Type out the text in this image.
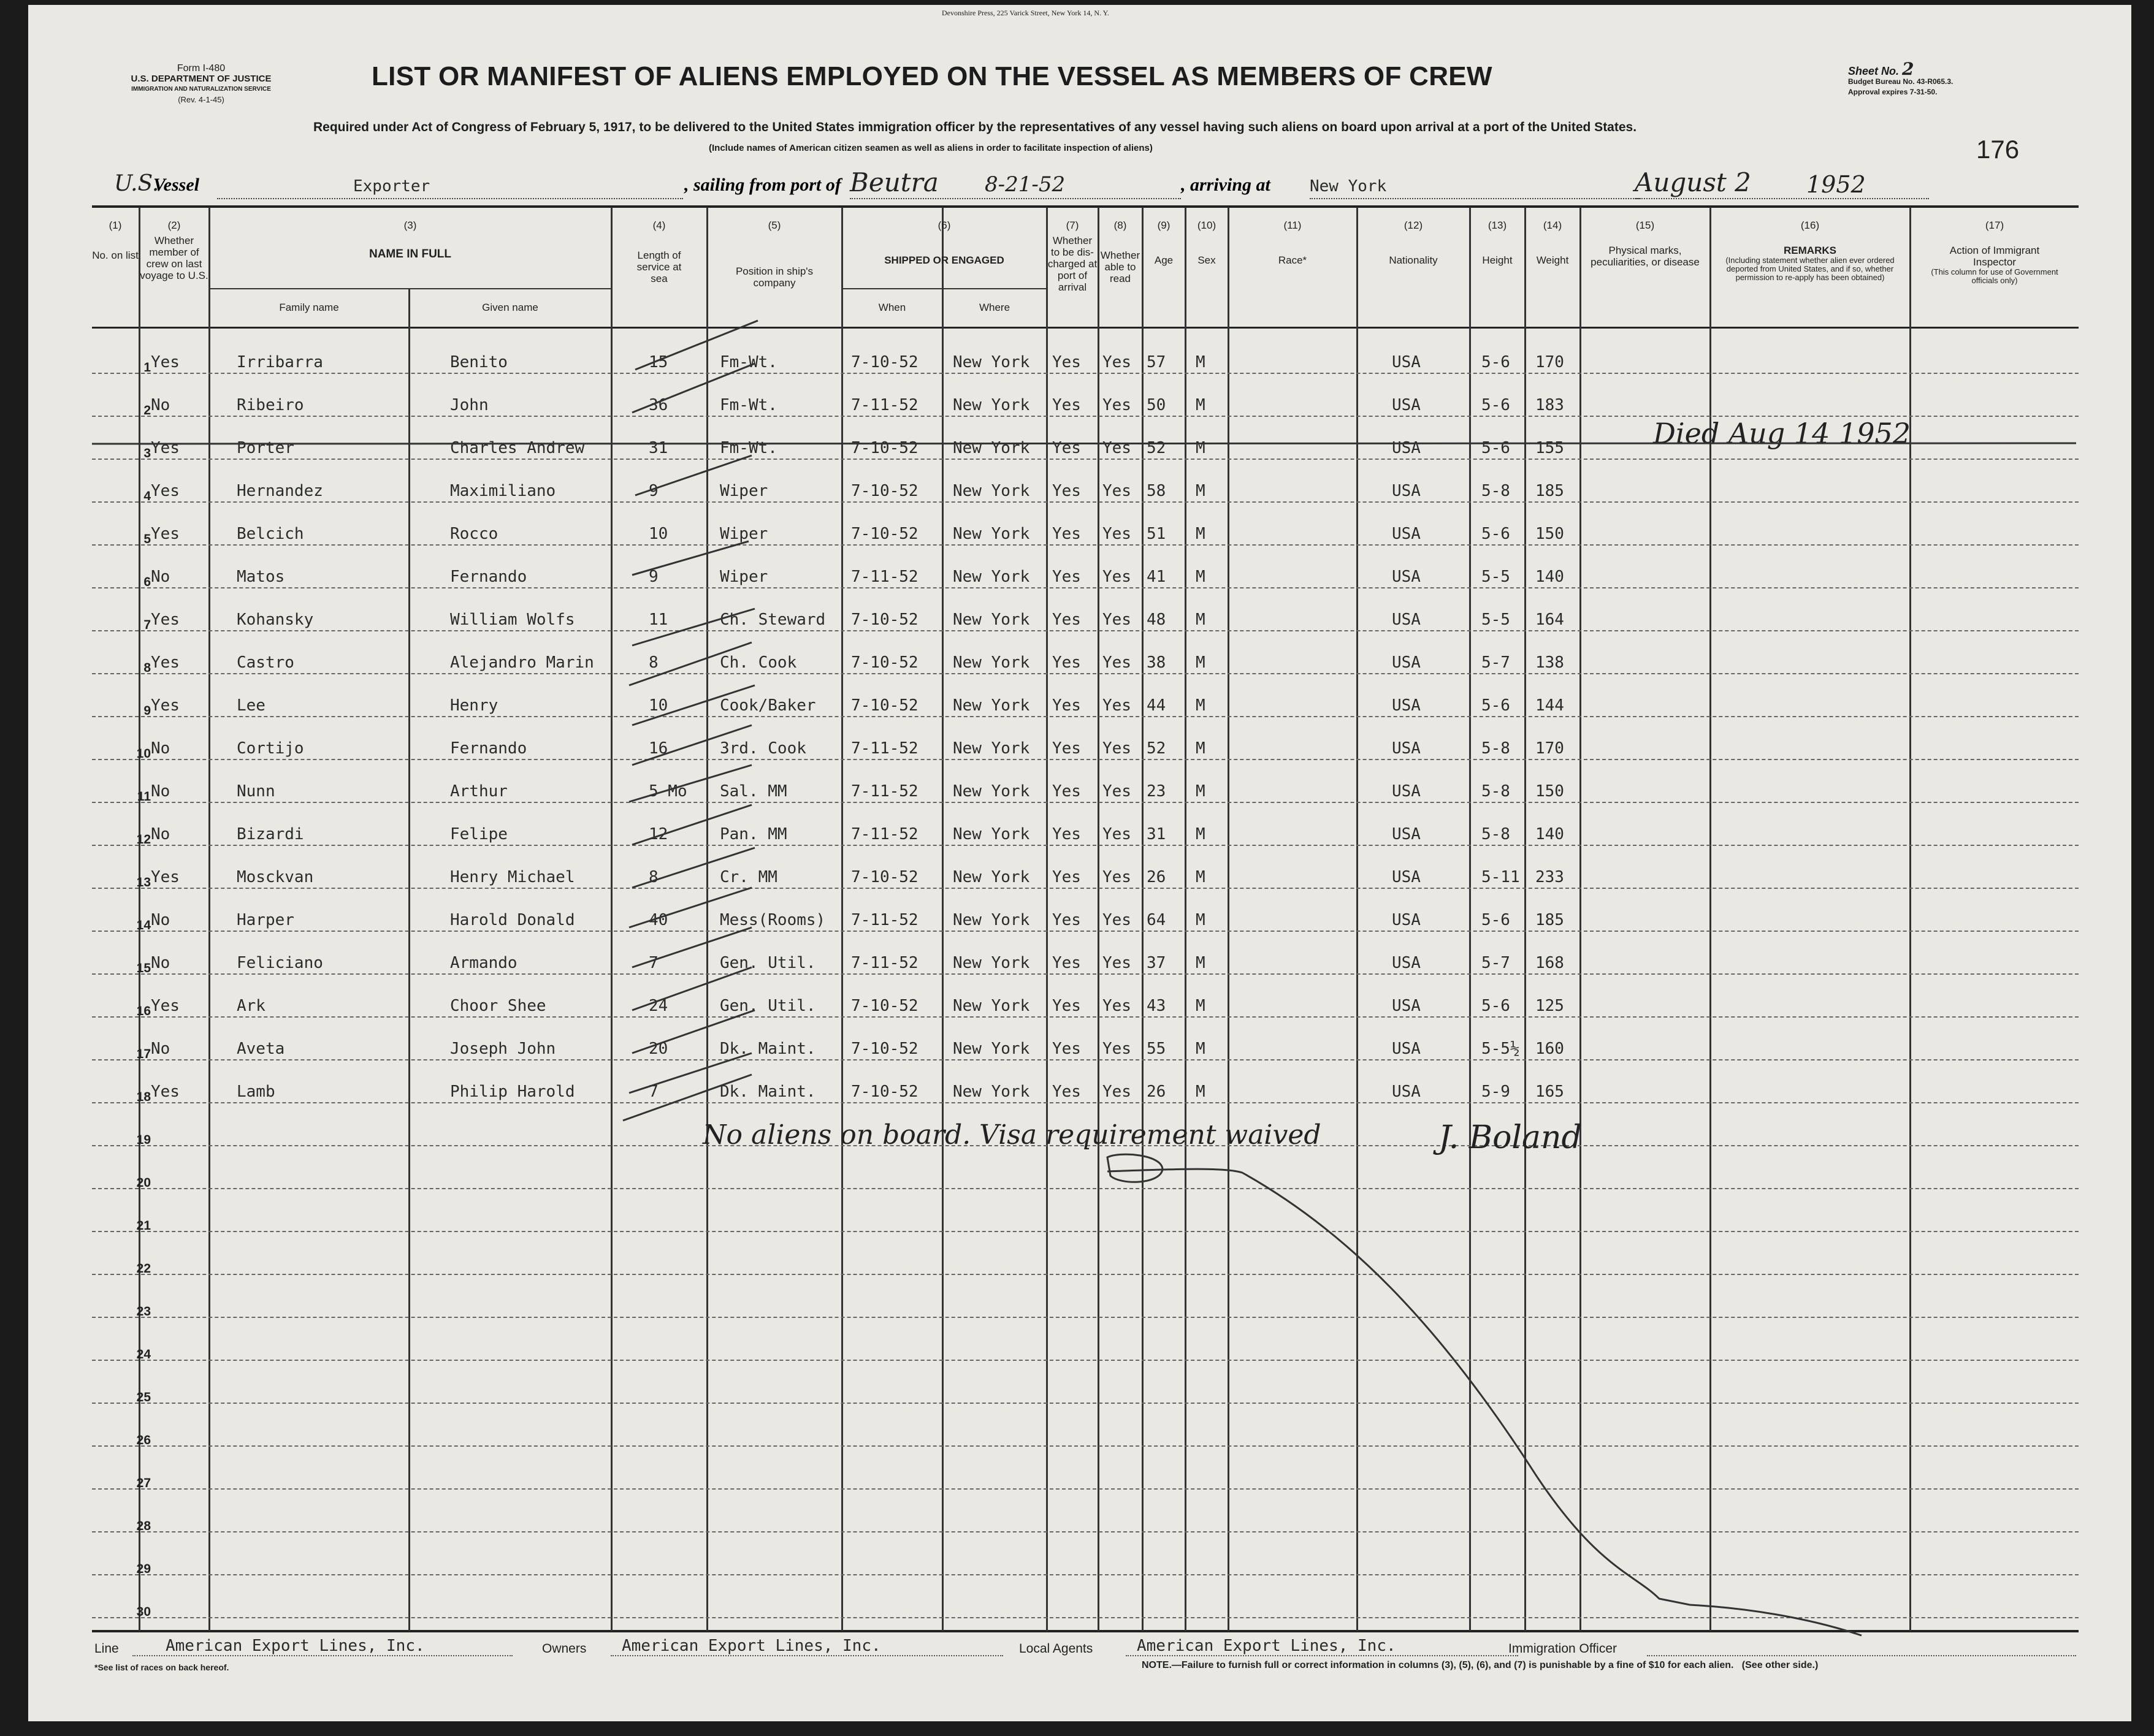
Form I-480
U.S. DEPARTMENT OF JUSTICE
IMMIGRATION AND NATURALIZATION SERVICE
(Rev. 4-1-45)
Devonshire Press, 225 Varick Street, New York 14, N. Y.
LIST OR MANIFEST OF ALIENS EMPLOYED ON THE VESSEL AS MEMBERS OF CREW	Sheet No. 2
Budget Bureau No. 43-R065.3.
Approval expires 7-31-50.
Required under Act of Congress of February 5, 1917, to be delivered to the United States immigration officer by the representatives of any vessel having such aliens on board upon arrival at a port of the United States.
(Include names of American citizen seamen as well as aliens in order to facilitate inspection of aliens)	176
U.S.
Vessel	Exporter	, sailing from port of Beutra 8-21-52	, arriving at New York	August 2 1952
(1)
No. on list
(2)
Whether member of crew on last voyage to U.S.
(3)
NAME IN FULL
Family name	Given name
(4)
Length of service at sea
(5)
Position in ship's company
(6)
SHIPPED OR ENGAGED
When	Where
(7)
Whether to be dis-charged at port of arrival
(8)
Whether able to read
(9)
Age
(10)
Sex
(11)
Race*
(12)
Nationality
(13)
Height
(14)
Weight
(15)
Physical marks, peculiarities, or disease
(16)
REMARKS
(Including statement whether alien ever ordered deported from United States, and if so, whether permission to re-apply has been obtained)
(17)
Action of Immigrant Inspector
(This column for use of Government officials only)
1 Yes	Irribarra	Benito	15	Fm-Wt.	7-10-52 New York Yes Yes 57 M	USA	5-6 170
2 No	Ribeiro	John	36	Fm-Wt.	7-11-52 New York Yes Yes 50 M	USA	5-6 183
3 Yes	Porter	Charles Andrew	31	Fm-Wt.	7-10-52 New York Yes Yes 52 M	USA	5-6 155	Died Aug 14 1952
4 Yes	Hernandez	Maximiliano	9	Wiper	7-10-52 New York Yes Yes 58 M	USA	5-8 185
5 Yes	Belcich	Rocco	10	Wiper	7-10-52 New York Yes Yes 51 M	USA	5-6 150
6 No	Matos	Fernando	9	Wiper	7-11-52 New York Yes Yes 41 M	USA	5-5 140
7 Yes	Kohansky	William Wolfs	11	Ch. Steward 7-10-52 New York Yes Yes 48 M	USA	5-5 164
8 Yes	Castro	Alejandro Marin	8	Ch. Cook	7-10-52 New York Yes Yes 38 M	USA	5-7 138
9 Yes	Lee	Henry	10	Cook/Baker 7-10-52 New York Yes Yes 44 M	USA	5-6 144
10 No	Cortijo	Fernando	16	3rd. Cook	7-11-52 New York Yes Yes 52 M	USA	5-8 170
11 No	Nunn	Arthur	5 Mo Sal. MM	7-11-52 New York Yes Yes 23 M	USA	5-8 150
12 No	Bizardi	Felipe	12	Pan. MM	7-11-52 New York Yes Yes 31 M	USA	5-8 140
13 Yes	Mosckvan	Henry Michael	8	Cr. MM	7-10-52 New York Yes Yes 26 M	USA	5-11 233
14 No	Harper	Harold Donald	40	Mess(Rooms) 7-11-52 New York Yes Yes 64 M	USA	5-6 185
15 No	Feliciano	Armando	7	Gen. Util. 7-11-52 New York Yes Yes 37 M	USA	5-7 168
16 Yes	Ark	Choor Shee	24	Gen. Util. 7-10-52 New York Yes Yes 43 M	USA	5-6 125
17 No	Aveta	Joseph John	20	Dk. Maint. 7-10-52 New York Yes Yes 55 M	USA	5-5½ 160
18 Yes	Lamb	Philip Harold	7	Dk. Maint. 7-10-52 New York Yes Yes 26 M	USA	5-9 165
19
20
21
22
23
24
25
26
27
28
29
30
No aliens on board. Visa requirement waived	J. Boland
Line	American Export Lines, Inc.	Owners American Export Lines, Inc.	Local Agents	American Export Lines, Inc.	Immigration Officer
*See list of races on back hereof.	NOTE.—Failure to furnish full or correct information in columns (3), (5), (6), and (7) is punishable by a fine of $10 for each alien.   (See other side.)
